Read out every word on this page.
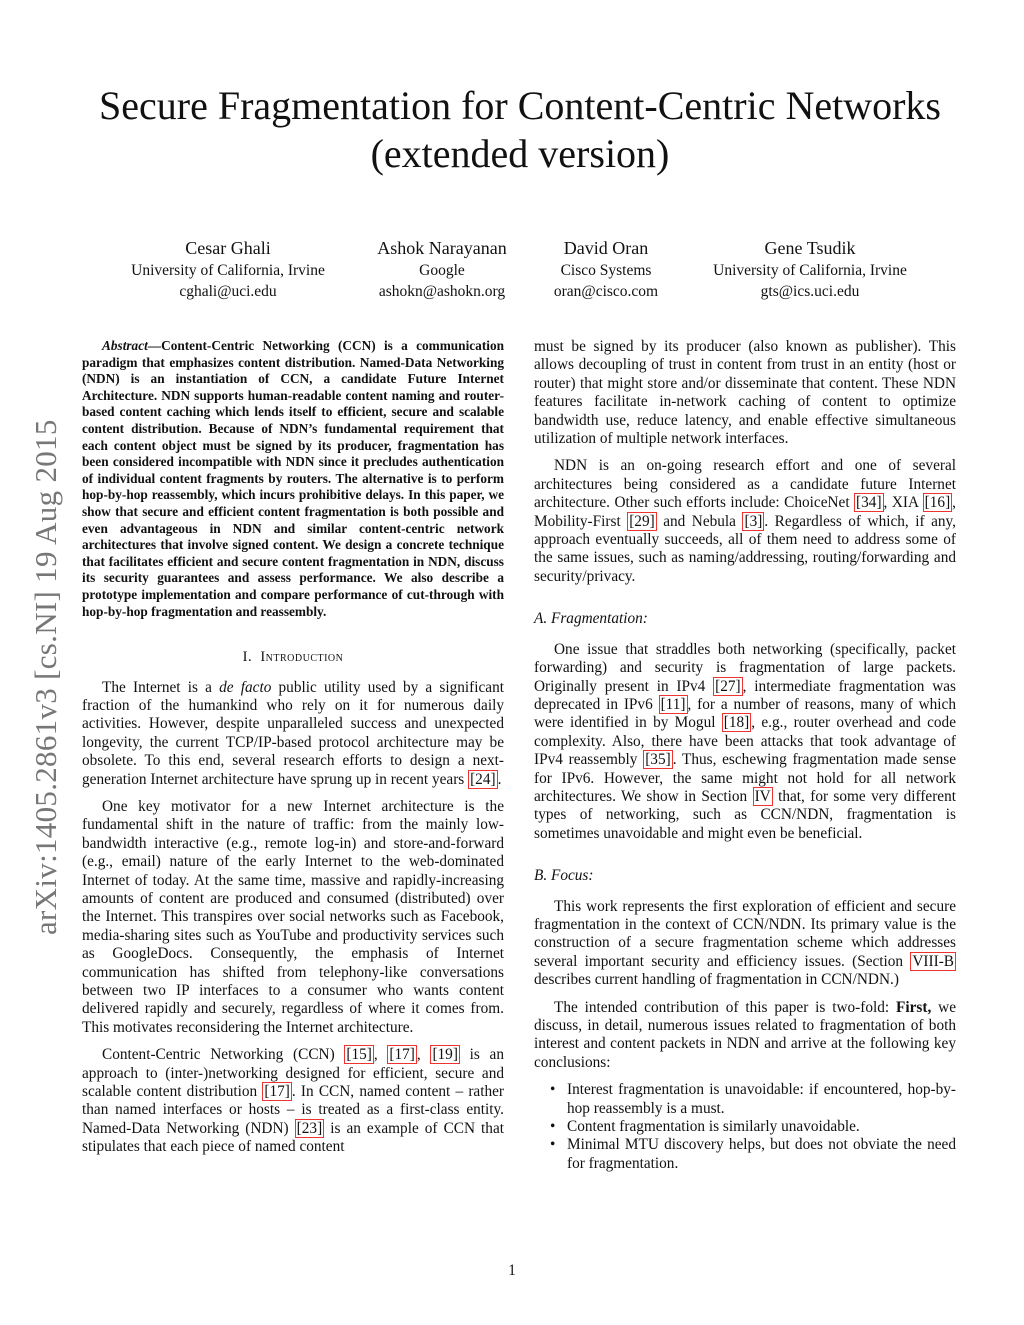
Secure Fragmentation for Content-Centric Networks
(extended version)
Cesar Ghali
University of California, Irvine
cghali@uci.edu
Ashok Narayanan
Google
ashokn@ashokn.org
David Oran
Cisco Systems
oran@cisco.com
Gene Tsudik
University of California, Irvine
gts@ics.uci.edu
arXiv:1405.2861v3 [cs.NI] 19 Aug 2015

Abstract—Content-Centric Networking (CCN) is a communication paradigm that emphasizes content distribution. Named-Data Networking (NDN) is an instantiation of CCN, a candidate Future Internet Architecture. NDN supports human-readable content naming and router-based content caching which lends itself to efficient, secure and scalable content distribution. Because of NDN’s fundamental requirement that each content object must be signed by its producer, fragmentation has been considered incompatible with NDN since it precludes authentication of individual content fragments by routers. The alternative is to perform hop-by-hop reassembly, which incurs prohibitive delays. In this paper, we show that secure and efficient content fragmentation is both possible and even advantageous in NDN and similar content-centric network architectures that involve signed content. We design a concrete technique that facilitates efficient and secure content fragmentation in NDN, discuss its security guarantees and assess performance. We also describe a prototype implementation and compare performance of cut-through with hop-by-hop fragmentation and reassembly.

I. Introduction

The Internet is a de facto public utility used by a significant fraction of the humankind who rely on it for numerous daily activities. However, despite unparalleled success and unexpected longevity, the current TCP/IP-based protocol architecture may be obsolete. To this end, several research efforts to design a next-generation Internet architecture have sprung up in recent years [24] .

One key motivator for a new Internet architecture is the fundamental shift in the nature of traffic: from the mainly low-bandwidth interactive (e.g., remote log-in) and store-and-forward (e.g., email) nature of the early Internet to the web-dominated Internet of today. At the same time, massive and rapidly-increasing amounts of content are produced and consumed (distributed) over the Internet. This transpires over social networks such as Facebook, media-sharing sites such as YouTube and productivity services such as GoogleDocs. Consequently, the emphasis of Internet communication has shifted from telephony-like conversations between two IP interfaces to a consumer who wants content delivered rapidly and securely, regardless of where it comes from. This motivates reconsidering the Internet architecture.

Content-Centric Networking (CCN) [15] , [17] , [19] is an approach to (inter-)networking designed for efficient, secure and scalable content distribution [17] . In CCN, named content – rather than named interfaces or hosts – is treated as a first-class entity. Named-Data Networking (NDN) [23] is an example of CCN that stipulates that each piece of named content

must be signed by its producer (also known as publisher). This allows decoupling of trust in content from trust in an entity (host or router) that might store and/or disseminate that content. These NDN features facilitate in-network caching of content to optimize bandwidth use, reduce latency, and enable effective simultaneous utilization of multiple network interfaces.

NDN is an on-going research effort and one of several architectures being considered as a candidate future Internet architecture. Other such efforts include: ChoiceNet [34] , XIA [16] , Mobility-First [29] and Nebula [3] . Regardless of which, if any, approach eventually succeeds, all of them need to address some of the same issues, such as naming/addressing, routing/forwarding and security/privacy.

A. Fragmentation:

One issue that straddles both networking (specifically, packet forwarding) and security is fragmentation of large packets. Originally present in IPv4 [27] , intermediate fragmentation was deprecated in IPv6 [11] , for a number of reasons, many of which were identified in by Mogul [18] , e.g., router overhead and code complexity. Also, there have been attacks that took advantage of IPv4 reassembly [35] . Thus, eschewing fragmentation made sense for IPv6. However, the same might not hold for all network architectures. We show in Section IV that, for some very different types of networking, such as CCN/NDN, fragmentation is sometimes unavoidable and might even be beneficial.

B. Focus:

This work represents the first exploration of efficient and secure fragmentation in the context of CCN/NDN. Its primary value is the construction of a secure fragmentation scheme which addresses several important security and efficiency issues. (Section VIII-B describes current handling of fragmentation in CCN/NDN.)

The intended contribution of this paper is two-fold: First, we discuss, in detail, numerous issues related to fragmentation of both interest and content packets in NDN and arrive at the following key conclusions:

• Interest fragmentation is unavoidable: if encountered, hop-by-hop reassembly is a must.
• Content fragmentation is similarly unavoidable.
• Minimal MTU discovery helps, but does not obviate the need for fragmentation.
1
